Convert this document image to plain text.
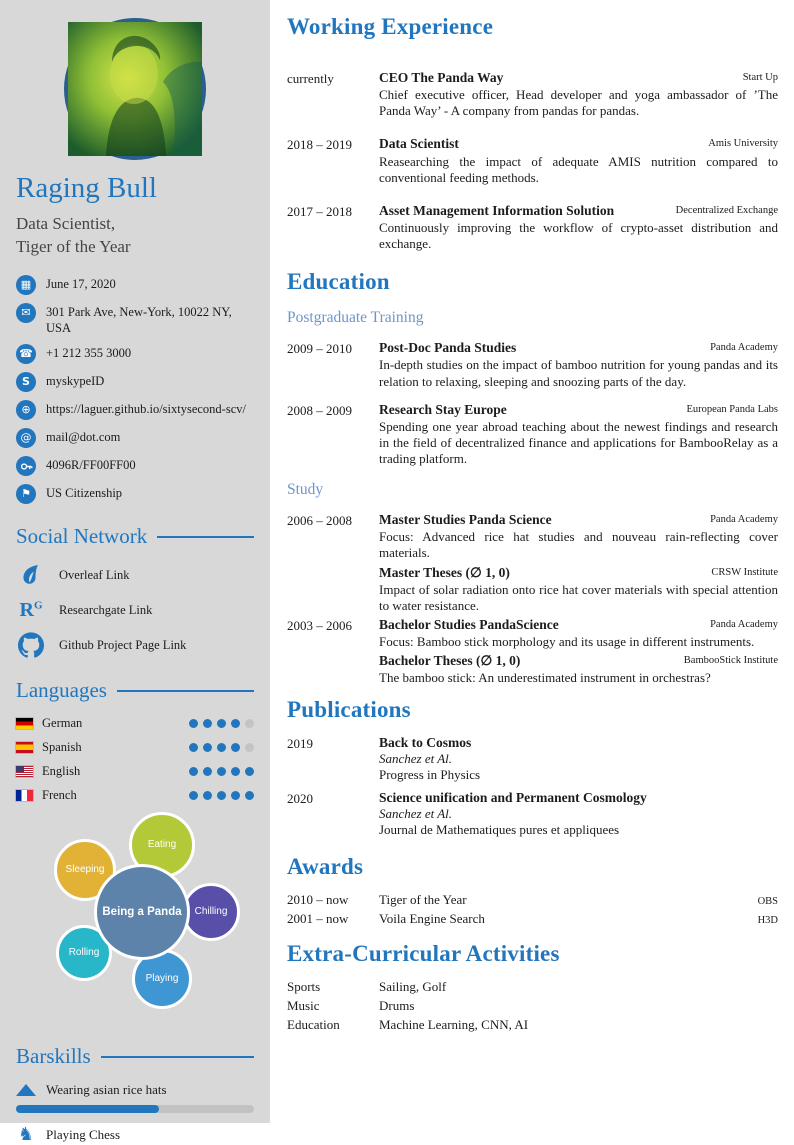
Raging Bull
Data Scientist,
Tiger of the Year
▦	June 17, 2020
✉	301 Park Ave, New-York, 10022 NY, USA
☎ +1 212 355 3000
S myskypeID
⊕	https://laguer.github.io/sixtysecond-scv/
@	mail@dot.com
4096R/FF00FF00
⚑	US Citizenship
Social Network
Overleaf Link
$R^G$ Researchgate Link
Github Project Page Link
Languages
German
Spanish
English
French
Eating
Sleeping
Rolling
Playing
Chilling
Being a Panda
Barskills
Wearing asian rice hats
♞ Playing Chess
Working Experience
currently	CEO The Panda Way	Start Up
Chief executive officer, Head developer and yoga ambassador of ’The Panda Way’ - A company from pandas for pandas.
2018 – 2019	Data Scientist	Amis University
Reasearching the impact of adequate AMIS nutrition compared to conventional feeding methods.
2017 – 2018	Asset Management Information Solution	Decentralized Exchange
Continuously improving the workflow of crypto-asset distribution and exchange.
Education
Postgraduate Training
2009 – 2010	Post-Doc Panda Studies	Panda Academy
In-depth studies on the impact of bamboo nutrition for young pandas and its relation to relaxing, sleeping and snoozing parts of the day.
2008 – 2009	Research Stay Europe	European Panda Labs
Spending one year abroad teaching about the newest findings and research in the field of decentralized finance and applications for BambooRelay as a trading platform.
Study
2006 – 2008	Master Studies Panda Science	Panda Academy
Focus: Advanced rice hat studies and nouveau rain-reflecting cover materials.
Master Theses (∅ 1, 0)	CRSW Institute
Impact of solar radiation onto rice hat cover materials with special attention to water resistance.
2003 – 2006	Bachelor Studies PandaScience	Panda Academy
Focus: Bamboo stick morphology and its usage in different instruments.
Bachelor Theses (∅ 1, 0)	BambooStick Institute
The bamboo stick: An underestimated instrument in orchestras?
Publications
2019	Back to Cosmos
Sanchez et Al.
Progress in Physics
2020	Science unification and Permanent Cosmology
Sanchez et Al.
Journal de Mathematiques pures et appliquees
Awards
2010 – now	Tiger of the Year	OBS
2001 – now	Voila Engine Search	H3D
Extra-Curricular Activities
Sports	Sailing, Golf
Music	Drums
Education	Machine Learning, CNN, AI
